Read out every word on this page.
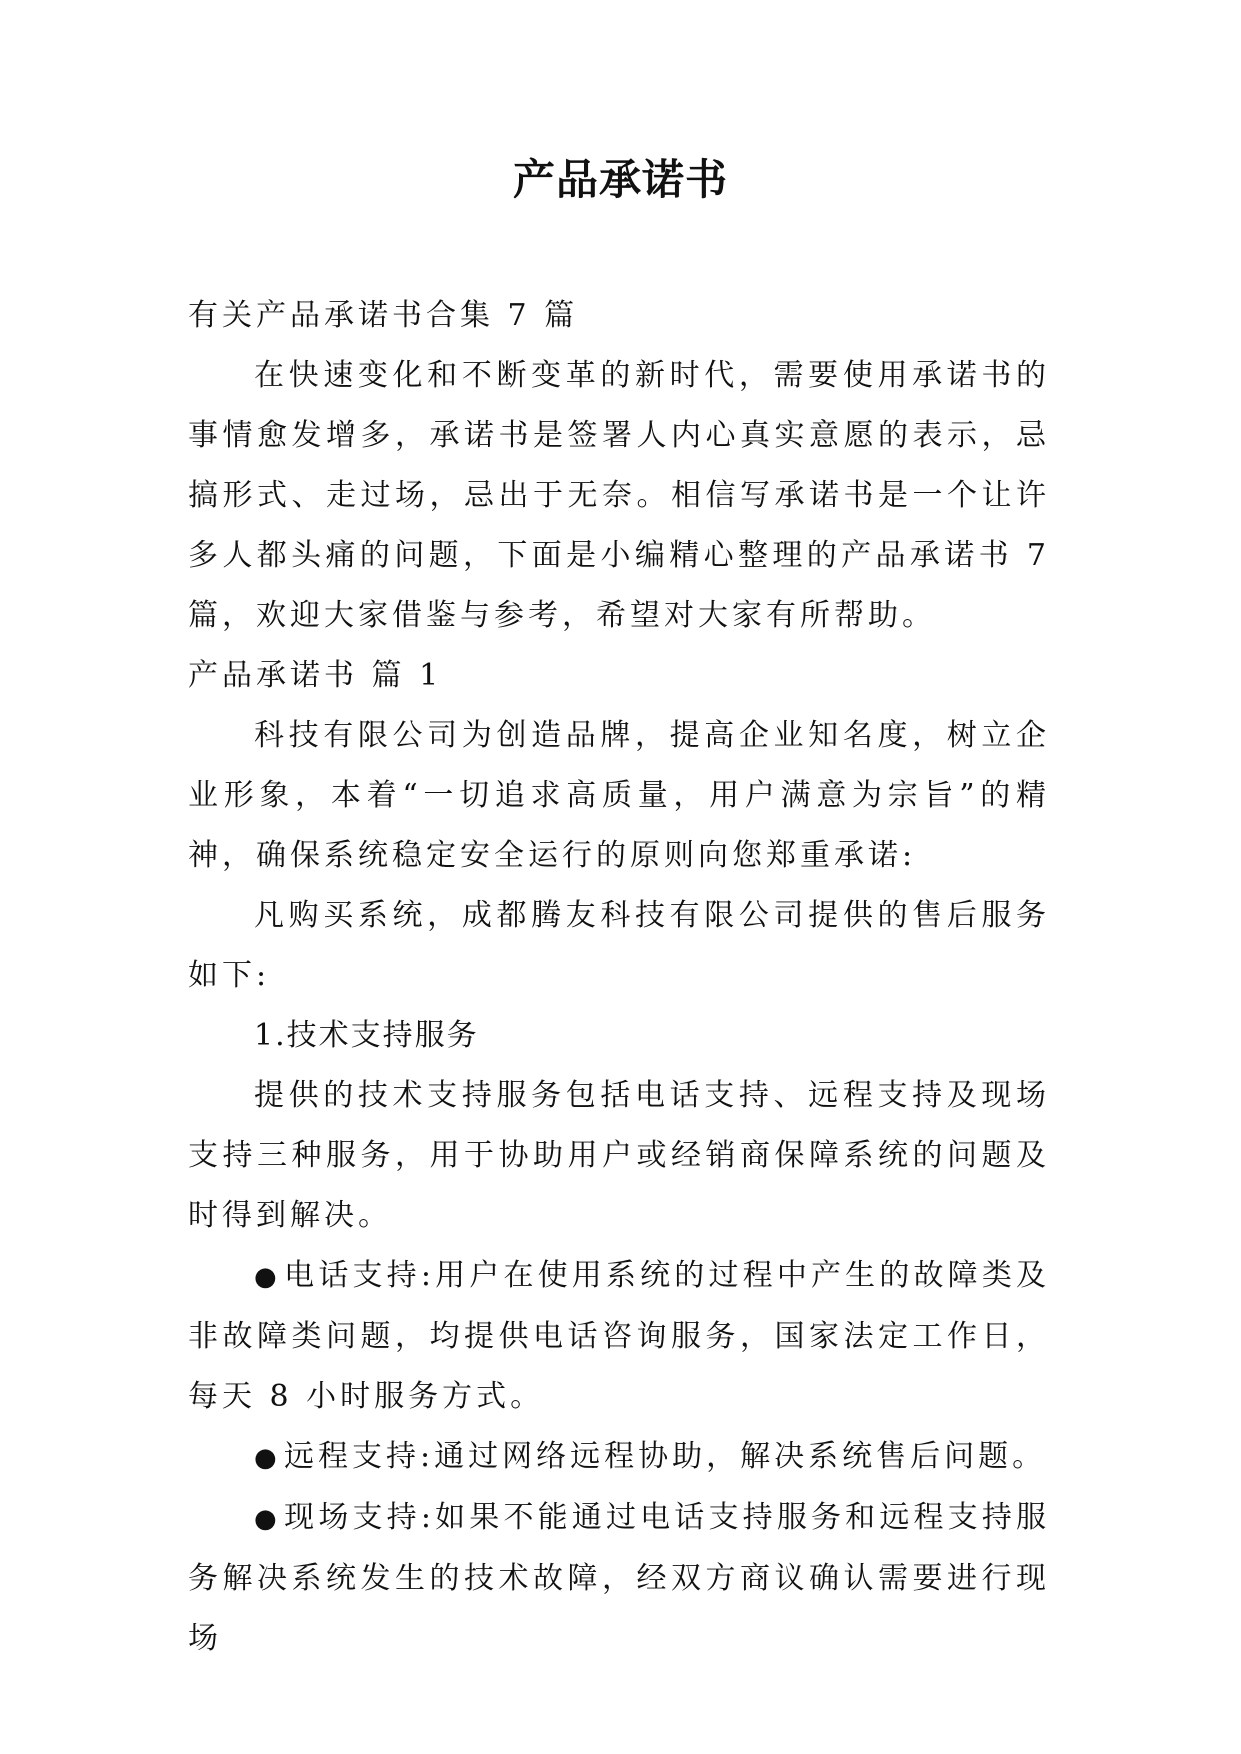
产品承诺书

有关产品承诺书合集 7 篇

在快速变化和不断变革的新时代，需要使用承诺书的事情愈发增多，承诺书是签署人内心真实意愿的表示，忌搞形式、走过场，忌出于无奈。相信写承诺书是一个让许多人都头痛的问题，下面是小编精心整理的产品承诺书 7 篇，欢迎大家借鉴与参考，希望对大家有所帮助。

产品承诺书 篇 1

科技有限公司为创造品牌，提高企业知名度，树立企业形象，本着“一切追求高质量，用户满意为宗旨”的精神，确保系统稳定安全运行的原则向您郑重承诺:

凡购买系统，成都腾友科技有限公司提供的售后服务如下:

1.技术支持服务

提供的技术支持服务包括电话支持、远程支持及现场支持三种服务，用于协助用户或经销商保障系统的问题及时得到解决。

● 电话支持:用户在使用系统的过程中产生的故障类及非故障类问题，均提供电话咨询服务，国家法定工作日，每天 8 小时服务方式。

● 远程支持:通过网络远程协助，解决系统售后问题。

● 现场支持:如果不能通过电话支持服务和远程支持服务解决系统发生的技术故障，经双方商议确认需要进行现场
